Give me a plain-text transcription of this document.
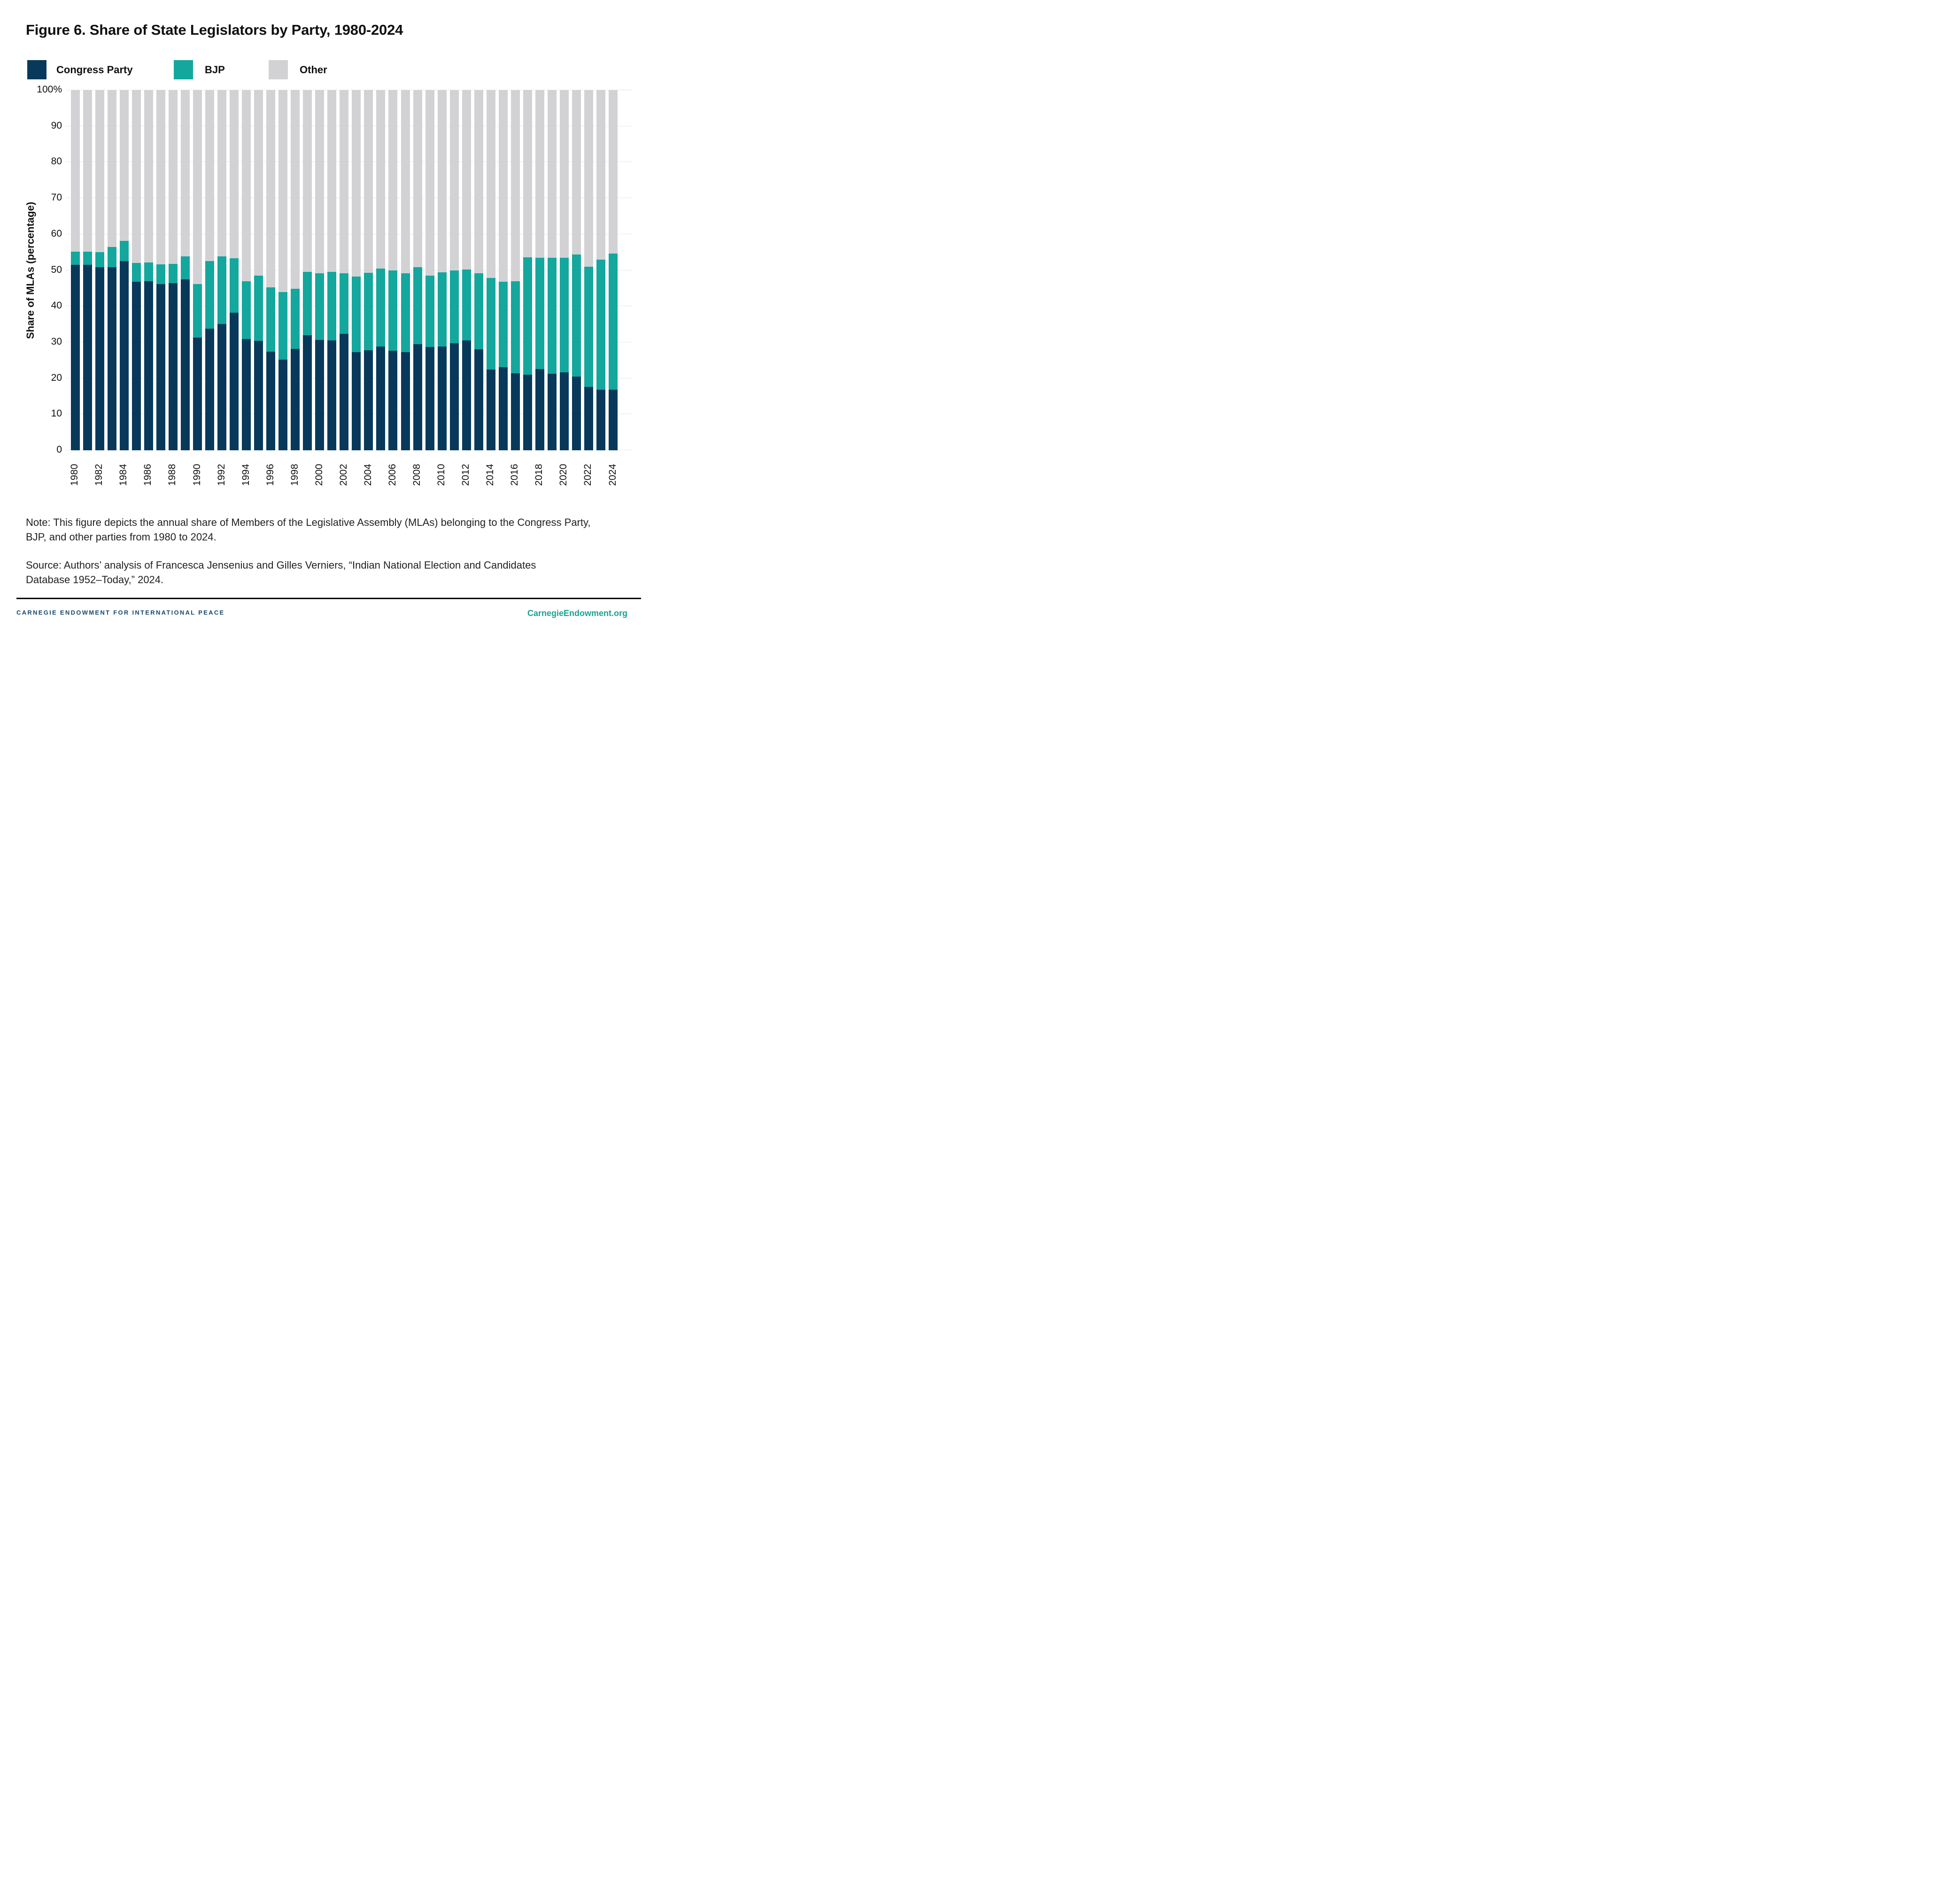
Figure 6. Share of State Legislators by Party, 1980-2024
Congress Party	BJP	Other
Share of MLAs (percentage)
Note: This figure depicts the annual share of Members of the Legislative Assembly (MLAs) belonging to the Congress Party,
BJP, and other parties from 1980 to 2024.
Source: Authors’ analysis of Francesca Jensenius and Gilles Verniers, “Indian National Election and Candidates
Database 1952–Today,” 2024.
CARNEGIE ENDOWMENT FOR INTERNATIONAL PEACE	CarnegieEndowment.org
0
10
20
30
40
50
60
70
80
90
100%
1980 1982 1984 1986 1988 1990 1992 1994 1996 1998 2000 2002 2004 2006 2008 2010 2012 2014 2016 2018 2020 2022 2024
